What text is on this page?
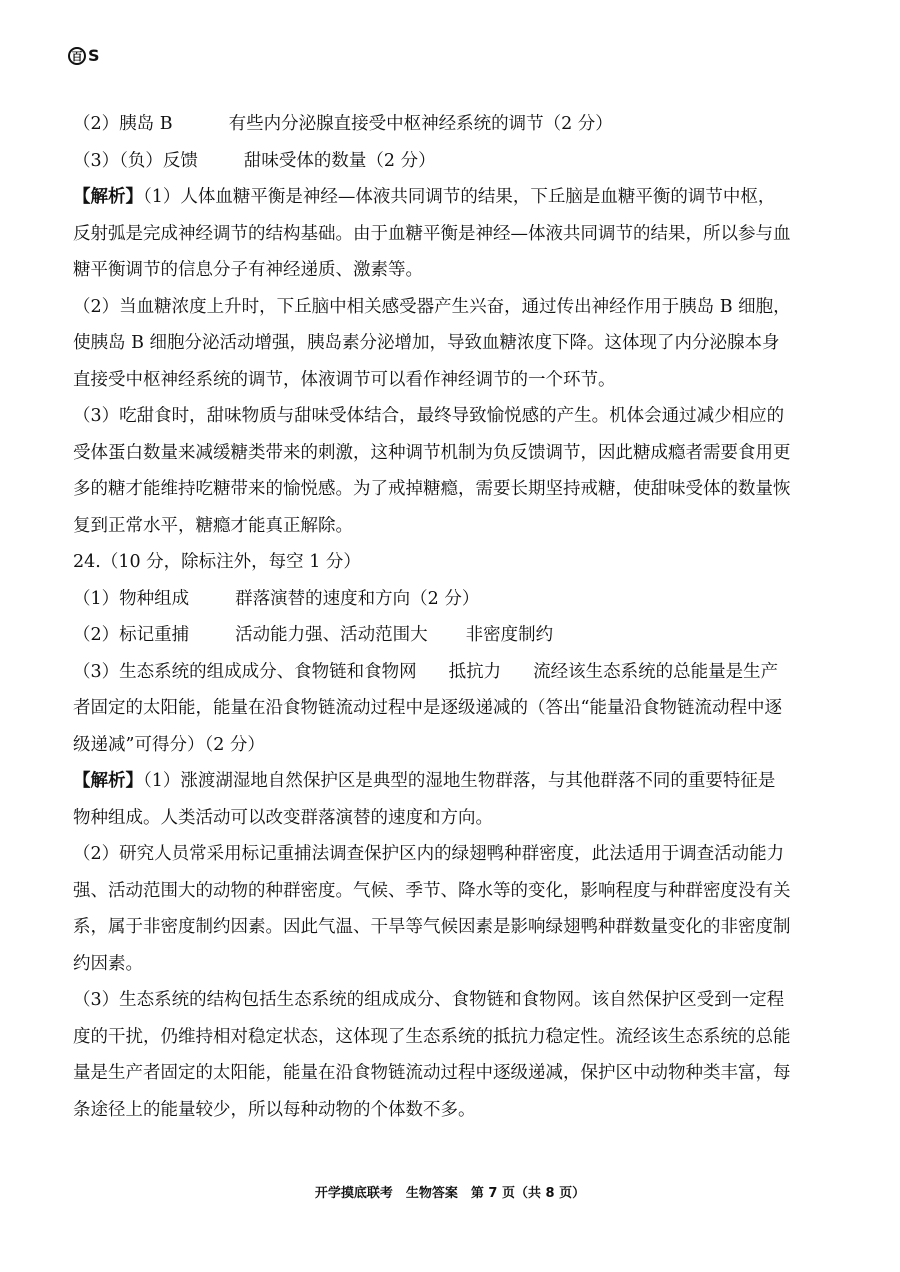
百 S
（2）胰岛 B	有些内分泌腺直接受中枢神经系统的调节（2 分）
（3）（负）反馈	甜味受体的数量（2 分）
【解析】（1）人体血糖平衡是神经—体液共同调节的结果，下丘脑是血糖平衡的调节中枢，
反射弧是完成神经调节的结构基础。由于血糖平衡是神经—体液共同调节的结果，所以参与血
糖平衡调节的信息分子有神经递质、激素等。
（2）当血糖浓度上升时，下丘脑中相关感受器产生兴奋，通过传出神经作用于胰岛 B 细胞，
使胰岛 B 细胞分泌活动增强，胰岛素分泌增加，导致血糖浓度下降。这体现了内分泌腺本身
直接受中枢神经系统的调节，体液调节可以看作神经调节的一个环节。
（3）吃甜食时，甜味物质与甜味受体结合，最终导致愉悦感的产生。机体会通过减少相应的
受体蛋白数量来减缓糖类带来的刺激，这种调节机制为负反馈调节，因此糖成瘾者需要食用更
多的糖才能维持吃糖带来的愉悦感。为了戒掉糖瘾，需要长期坚持戒糖，使甜味受体的数量恢
复到正常水平，糖瘾才能真正解除。
24.（10 分，除标注外，每空 1 分）
（1）物种组成	群落演替的速度和方向（2 分）
（2）标记重捕	活动能力强、活动范围大 非密度制约
（3）生态系统的组成成分、食物链和食物网 抵抗力 流经该生态系统的总能量是生产
者固定的太阳能，能量在沿食物链流动过程中是逐级递减的（答出“能量沿食物链流动程中逐
级递减”可得分）（2 分）
【解析】（1）涨渡湖湿地自然保护区是典型的湿地生物群落，与其他群落不同的重要特征是
物种组成。人类活动可以改变群落演替的速度和方向。
（2）研究人员常采用标记重捕法调查保护区内的绿翅鸭种群密度，此法适用于调查活动能力
强、活动范围大的动物的种群密度。气候、季节、降水等的变化，影响程度与种群密度没有关
系，属于非密度制约因素。因此气温、干旱等气候因素是影响绿翅鸭种群数量变化的非密度制
约因素。
（3）生态系统的结构包括生态系统的组成成分、食物链和食物网。该自然保护区受到一定程
度的干扰，仍维持相对稳定状态，这体现了生态系统的抵抗力稳定性。流经该生态系统的总能
量是生产者固定的太阳能，能量在沿食物链流动过程中逐级递减，保护区中动物种类丰富，每
条途径上的能量较少，所以每种动物的个体数不多。
开学摸底联考　生物答案　第 7 页（共 8 页）
